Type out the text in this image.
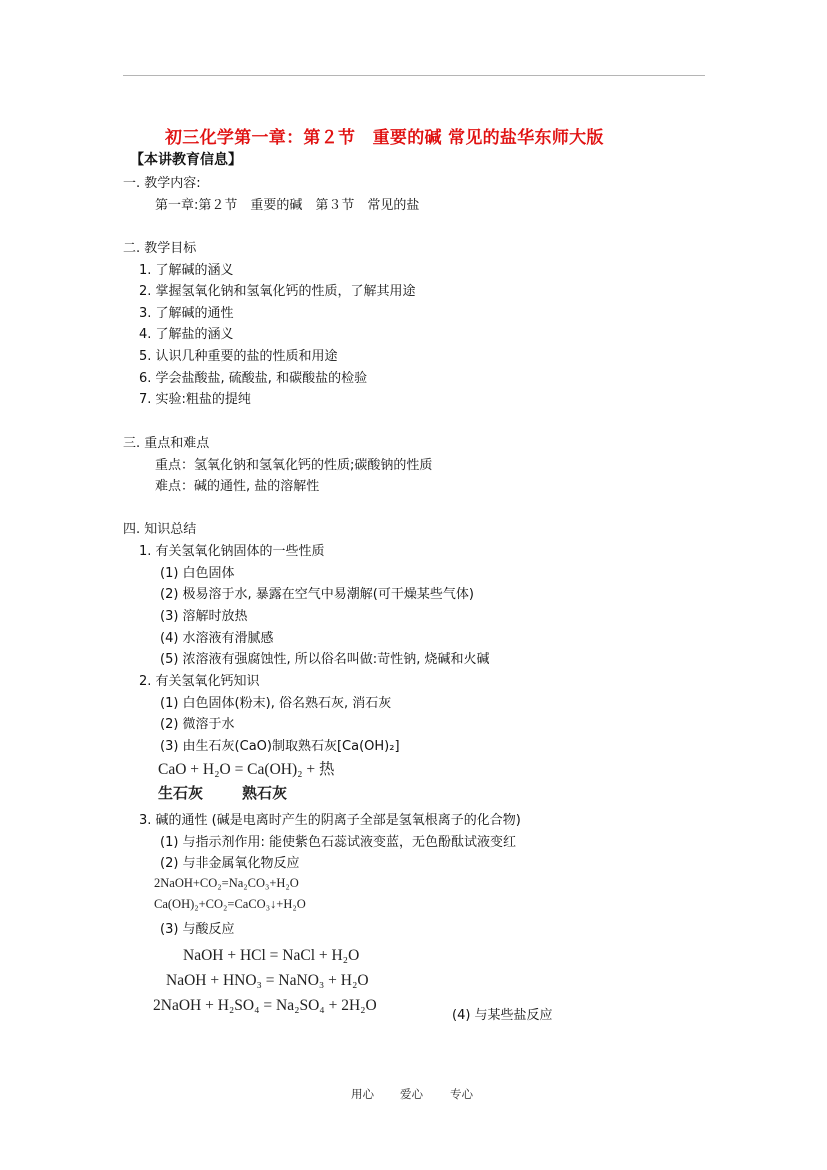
初三化学第一章：第２节　重要的碱 常见的盐华东师大版
【本讲教育信息】
一. 教学内容:
第一章:第２节　重要的碱　第３节　常见的盐
二. 教学目标
1. 了解碱的涵义
2. 掌握氢氧化钠和氢氧化钙的性质，了解其用途
3. 了解碱的通性
4. 了解盐的涵义
5. 认识几种重要的盐的性质和用途
6. 学会盐酸盐, 硫酸盐, 和碳酸盐的检验
7. 实验:粗盐的提纯
三. 重点和难点
重点：氢氧化钠和氢氧化钙的性质;碳酸钠的性质
难点：碱的通性, 盐的溶解性
四. 知识总结
1. 有关氢氧化钠固体的一些性质
(1) 白色固体
(2) 极易溶于水, 暴露在空气中易潮解(可干燥某些气体)
(3) 溶解时放热
(4) 水溶液有滑腻感
(5) 浓溶液有强腐蚀性, 所以俗名叫做:苛性钠, 烧碱和火碱
2. 有关氢氧化钙知识
(1) 白色固体(粉末), 俗名熟石灰, 消石灰
(2) 微溶于水
(3) 由生石灰(CaO)制取熟石灰[Ca(OH)₂]
CaO + H₂O = Ca(OH)₂ + 热
生石灰	熟石灰
3. 碱的通性 (碱是电离时产生的阴离子全部是氢氧根离子的化合物)
(1) 与指示剂作用: 能使紫色石蕊试液变蓝，无色酚酞试液变红
(2) 与非金属氧化物反应
2NaOH+CO₂=Na₂CO₃+H₂O
Ca(OH)₂+CO₂=CaCO₃↓+H₂O
(3) 与酸反应
NaOH + HCl = NaCl + H₂O
NaOH + HNO₃ = NaNO₃ + H₂O
2NaOH + H₂SO₄ = Na₂SO₄ + 2H₂O
(4) 与某些盐反应
用心 爱心 专心
